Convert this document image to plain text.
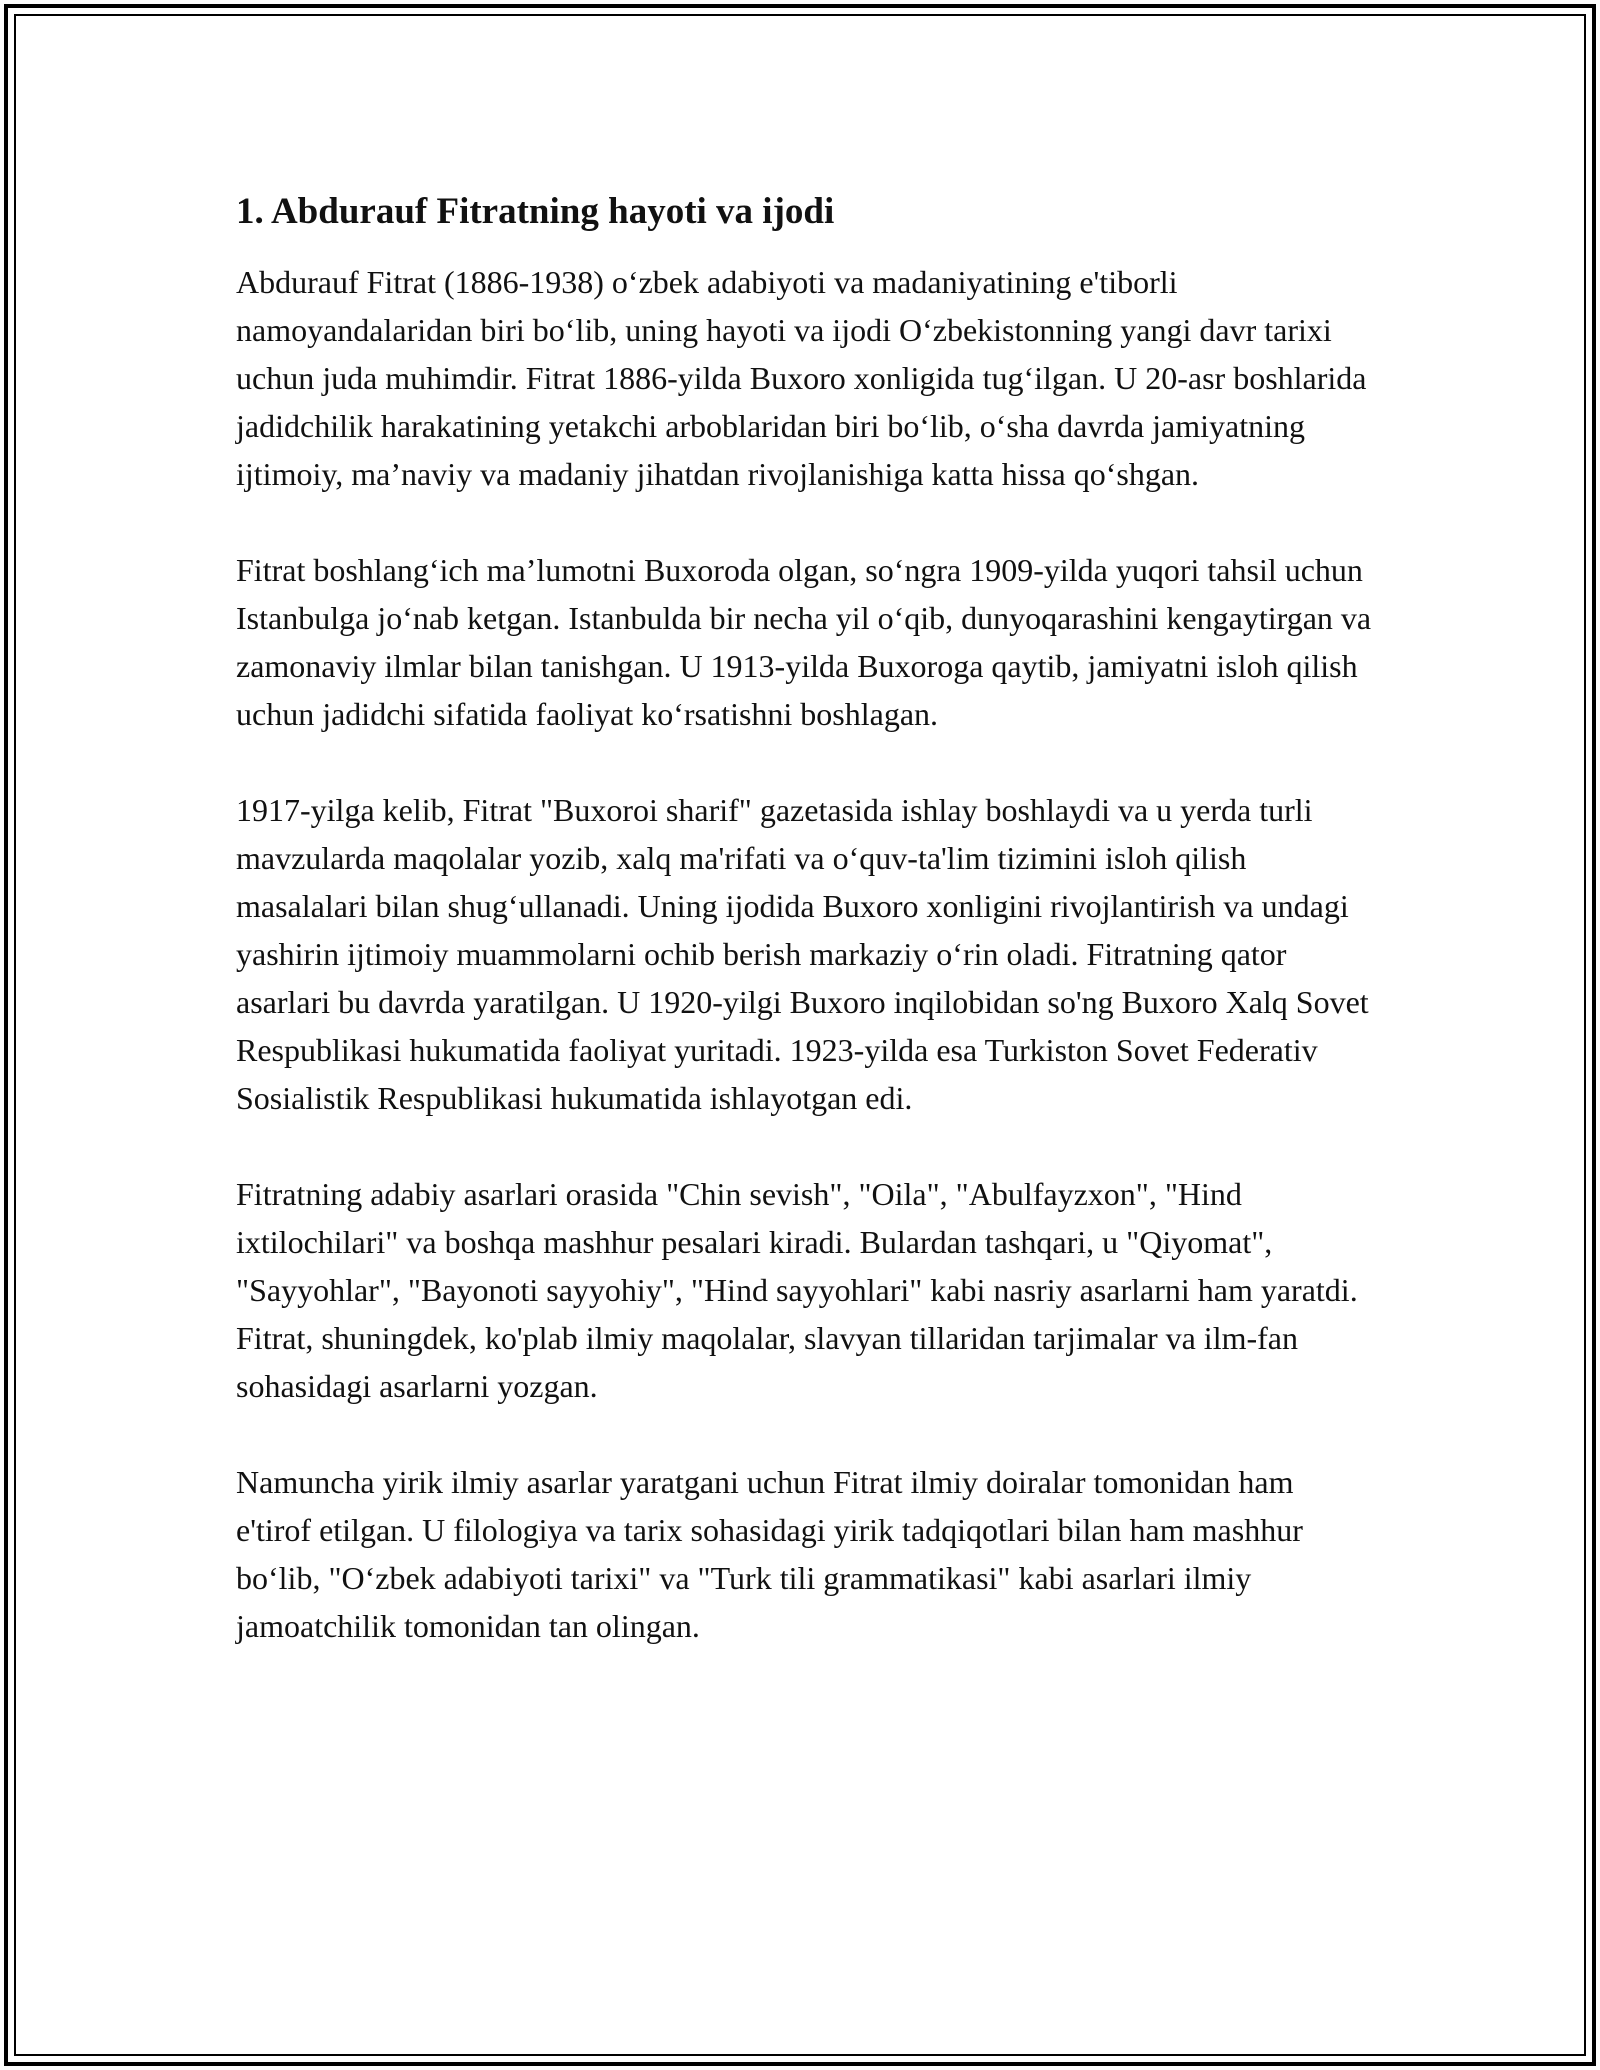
1. Abdurauf Fitratning hayoti va ijodi

Abdurauf Fitrat (1886-1938) o‘zbek adabiyoti va madaniyatining e'tiborli namoyandalaridan biri bo‘lib, uning hayoti va ijodi O‘zbekistonning yangi davr tarixi uchun juda muhimdir. Fitrat 1886-yilda Buxoro xonligida tug‘ilgan. U 20-asr boshlarida jadidchilik harakatining yetakchi arboblaridan biri bo‘lib, o‘sha davrda jamiyatning ijtimoiy, ma’naviy va madaniy jihatdan rivojlanishiga katta hissa qo‘shgan.

Fitrat boshlang‘ich ma’lumotni Buxoroda olgan, so‘ngra 1909-yilda yuqori tahsil uchun Istanbulga jo‘nab ketgan. Istanbulda bir necha yil o‘qib, dunyoqarashini kengaytirgan va zamonaviy ilmlar bilan tanishgan. U 1913-yilda Buxoroga qaytib, jamiyatni isloh qilish uchun jadidchi sifatida faoliyat ko‘rsatishni boshlagan.

1917-yilga kelib, Fitrat "Buxoroi sharif" gazetasida ishlay boshlaydi va u yerda turli mavzularda maqolalar yozib, xalq ma'rifati va o‘quv-ta'lim tizimini isloh qilish masalalari bilan shug‘ullanadi. Uning ijodida Buxoro xonligini rivojlantirish va undagi yashirin ijtimoiy muammolarni ochib berish markaziy o‘rin oladi. Fitratning qator asarlari bu davrda yaratilgan. U 1920-yilgi Buxoro inqilobidan so'ng Buxoro Xalq Sovet Respublikasi hukumatida faoliyat yuritadi. 1923-yilda esa Turkiston Sovet Federativ Sosialistik Respublikasi hukumatida ishlayotgan edi.

Fitratning adabiy asarlari orasida "Chin sevish", "Oila", "Abulfayzxon", "Hind ixtilochilari" va boshqa mashhur pesalari kiradi. Bulardan tashqari, u "Qiyomat", "Sayyohlar", "Bayonoti sayyohiy", "Hind sayyohlari" kabi nasriy asarlarni ham yaratdi. Fitrat, shuningdek, ko'plab ilmiy maqolalar, slavyan tillaridan tarjimalar va ilm-fan sohasidagi asarlarni yozgan.

Namuncha yirik ilmiy asarlar yaratgani uchun Fitrat ilmiy doiralar tomonidan ham e'tirof etilgan. U filologiya va tarix sohasidagi yirik tadqiqotlari bilan ham mashhur bo‘lib, "O‘zbek adabiyoti tarixi" va "Turk tili grammatikasi" kabi asarlari ilmiy jamoatchilik tomonidan tan olingan.
